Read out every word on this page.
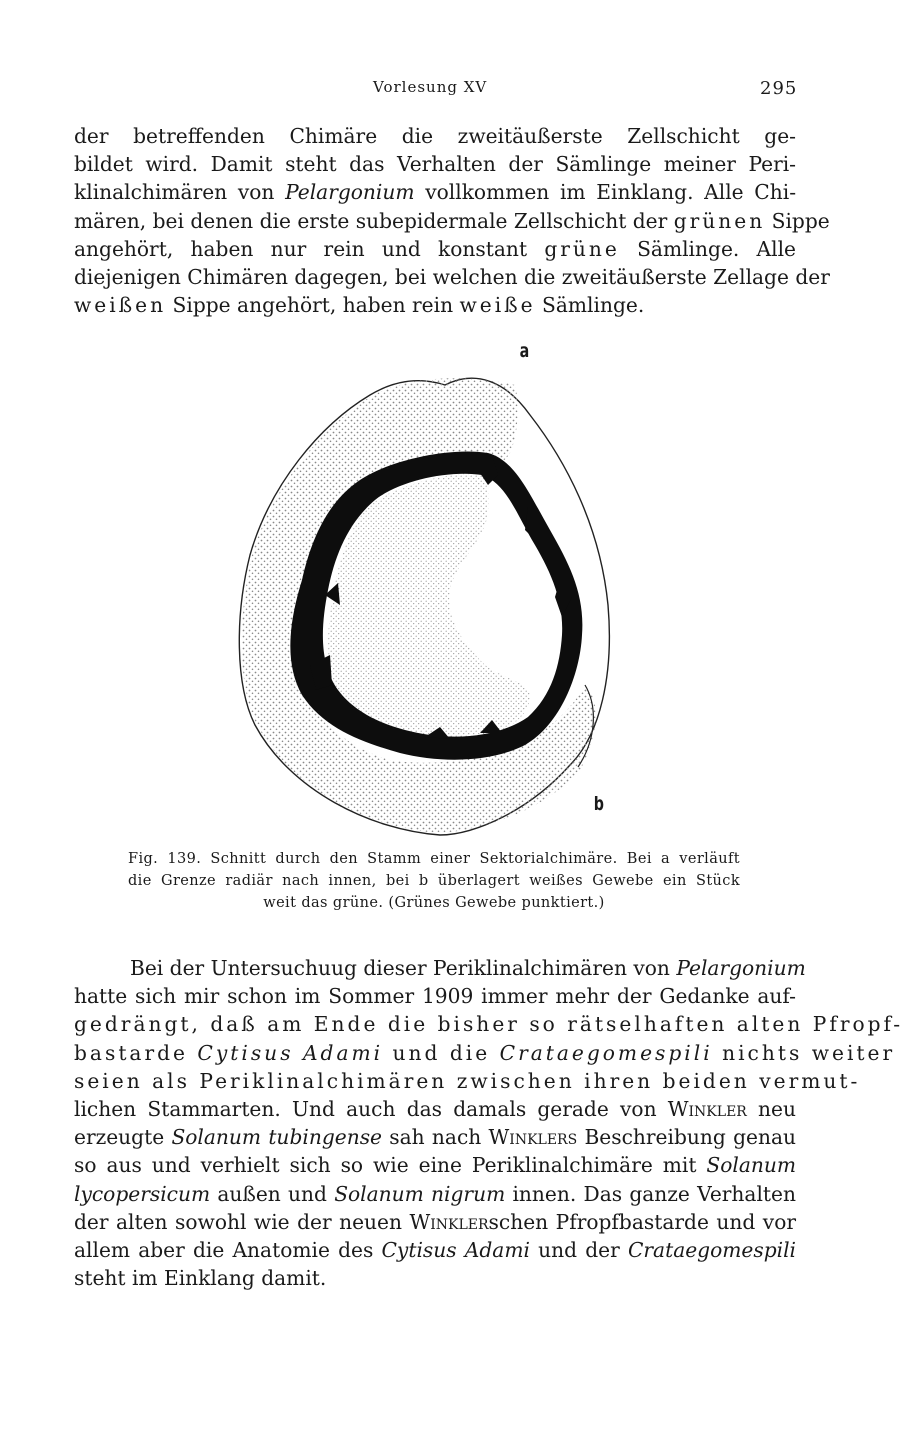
Vorlesung XV	295

der betreffenden Chimäre die zweitäußerste Zellschicht ge-
bildet wird. Damit steht das Verhalten der Sämlinge meiner Peri-
klinalchimären von Pelargonium vollkommen im Einklang. Alle Chi-
mären, bei denen die erste subepidermale Zellschicht der grünen Sippe
angehört, haben nur rein und konstant grüne Sämlinge. Alle
diejenigen Chimären dagegen, bei welchen die zweitäußerste Zellage der
weißen Sippe angehört, haben rein weiße Sämlinge.

a
b
Fig. 139. Schnitt durch den Stamm einer Sektorialchimäre. Bei a verläuft
die Grenze radiär nach innen, bei b überlagert weißes Gewebe ein Stück
weit das grüne. (Grünes Gewebe punktiert.)

Bei der Untersuchuug dieser Periklinalchimären von Pelargonium
hatte sich mir schon im Sommer 1909 immer mehr der Gedanke auf-
gedrängt, daß am Ende die bisher so rätselhaften alten Pfropf-
bastarde Cytisus Adami und die Crataegomespili nichts weiter
seien als Periklinalchimären zwischen ihren beiden vermut-
lichen Stammarten. Und auch das damals gerade von Winkler neu
erzeugte Solanum tubingense sah nach Winklers Beschreibung genau
so aus und verhielt sich so wie eine Periklinalchimäre mit Solanum
lycopersicum außen und Solanum nigrum innen. Das ganze Verhalten
der alten sowohl wie der neuen Winklerschen Pfropfbastarde und vor
allem aber die Anatomie des Cytisus Adami und der Crataegomespili
steht im Einklang damit.
